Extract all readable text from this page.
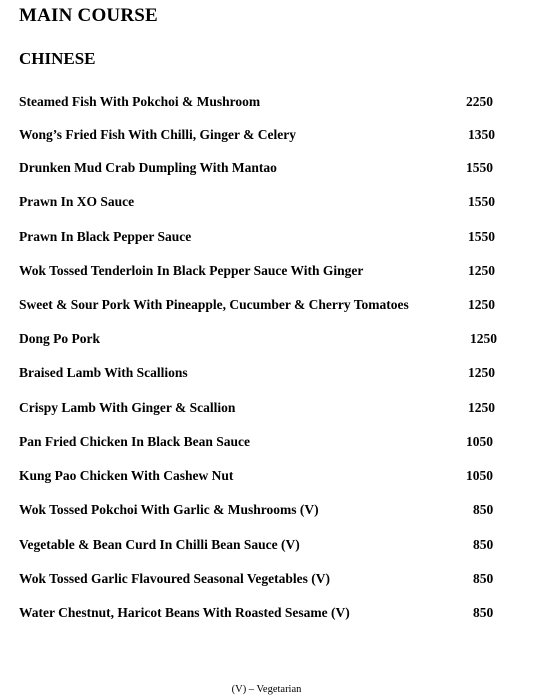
MAIN COURSE
CHINESE
Steamed Fish With Pokchoi & Mushroom	2250
Wong’s Fried Fish With Chilli, Ginger & Celery	1350
Drunken Mud Crab Dumpling With Mantao	1550
Prawn In XO Sauce	1550
Prawn In Black Pepper Sauce	1550
Wok Tossed Tenderloin In Black Pepper Sauce With Ginger	1250
Sweet & Sour Pork With Pineapple, Cucumber & Cherry Tomatoes	1250
Dong Po Pork	1250
Braised Lamb With Scallions	1250
Crispy Lamb With Ginger & Scallion	1250
Pan Fried Chicken In Black Bean Sauce	1050
Kung Pao Chicken With Cashew Nut	1050
Wok Tossed Pokchoi With Garlic & Mushrooms (V)	850
Vegetable & Bean Curd In Chilli Bean Sauce (V)	850
Wok Tossed Garlic Flavoured Seasonal Vegetables (V)	850
Water Chestnut, Haricot Beans With Roasted Sesame (V)	850
(V) – Vegetarian
